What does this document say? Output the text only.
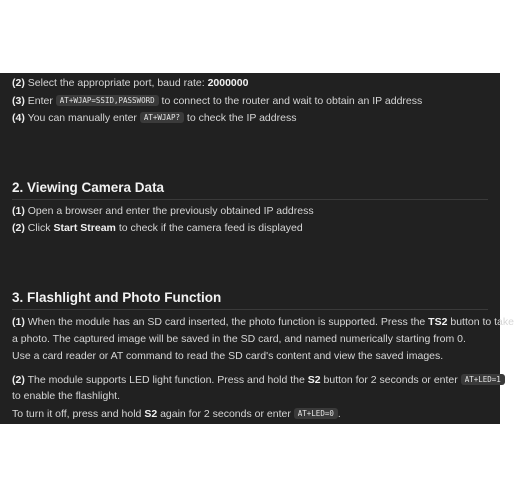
(2) Select the appropriate port, baud rate: 2000000
(3) Enter AT+WJAP=SSID,PASSWORD to connect to the router and wait to obtain an IP address
(4) You can manually enter AT+WJAP? to check the IP address
2. Viewing Camera Data
(1) Open a browser and enter the previously obtained IP address
(2) Click Start Stream to check if the camera feed is displayed
3. Flashlight and Photo Function
(1) When the module has an SD card inserted, the photo function is supported. Press the TS2 button to take
a photo. The captured image will be saved in the SD card, and named numerically starting from 0.
Use a card reader or AT command to read the SD card's content and view the saved images.
(2) The module supports LED light function. Press and hold the S2 button for 2 seconds or enter AT+LED=1
to enable the flashlight.
To turn it off, press and hold S2 again for 2 seconds or enter AT+LED=0 .
